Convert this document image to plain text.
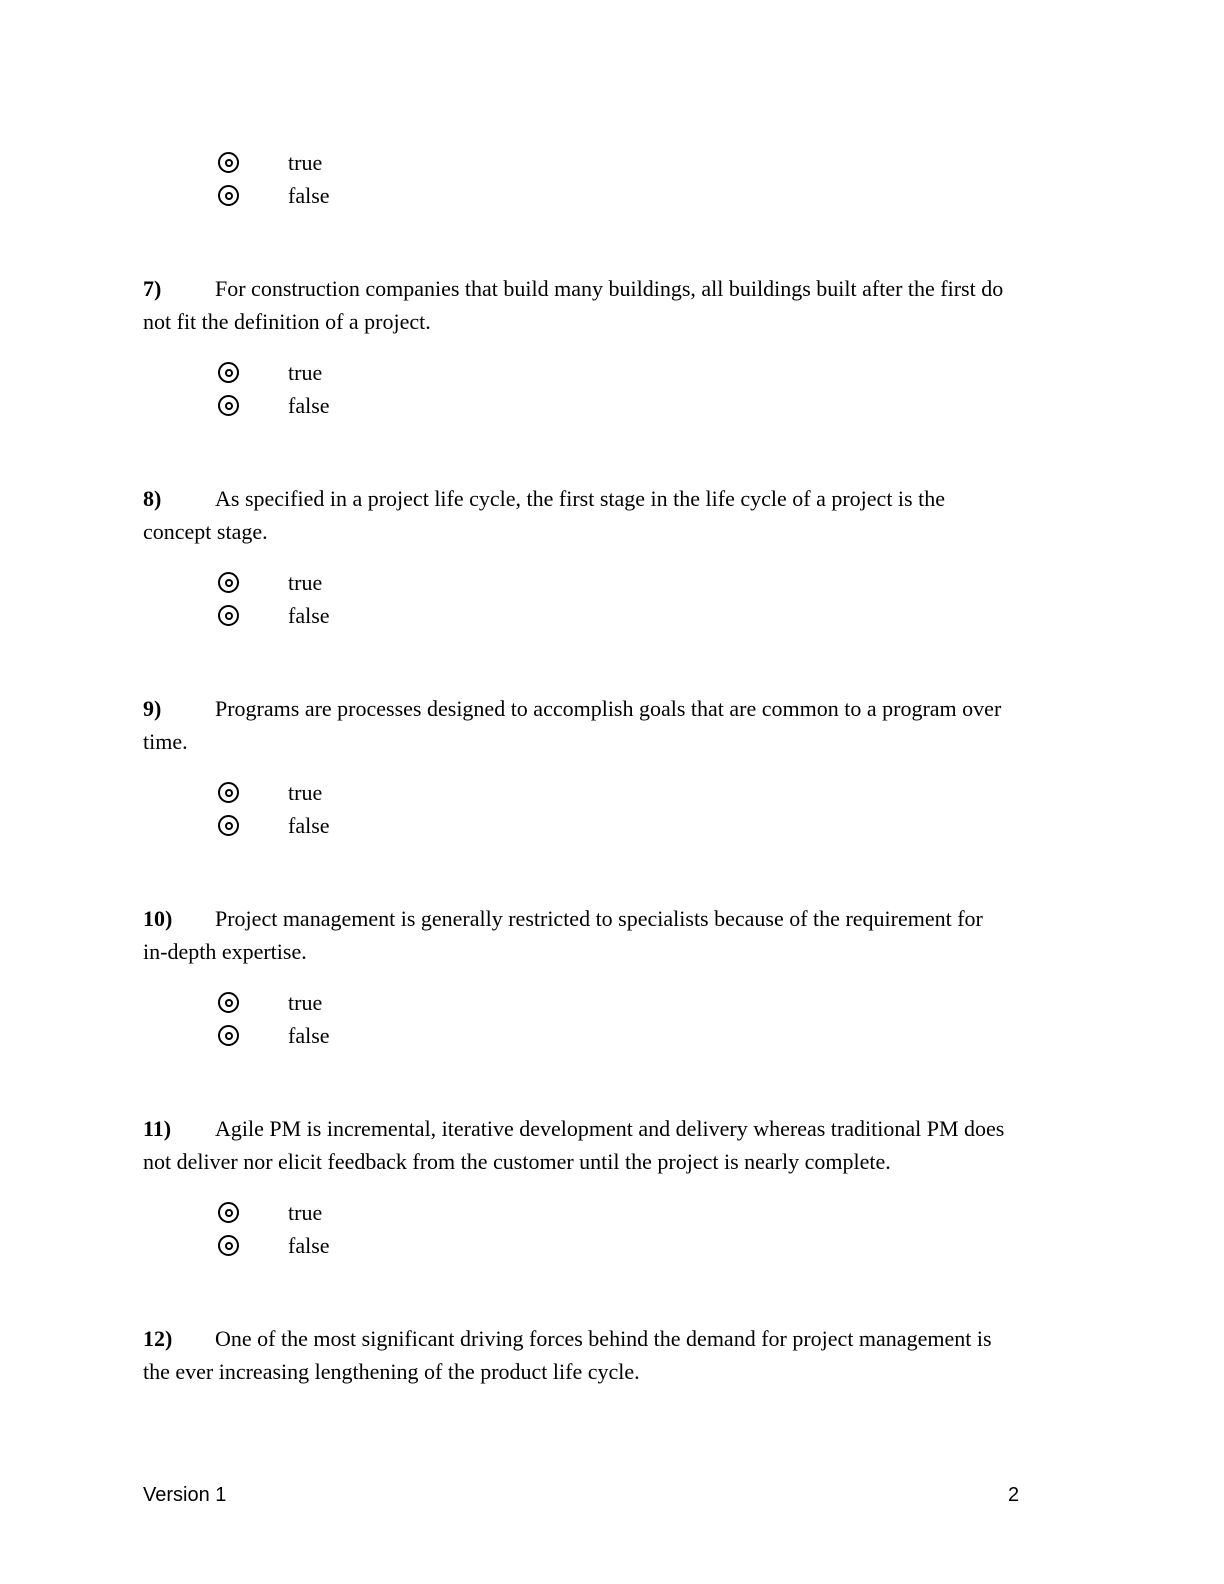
true
false

7)	For construction companies that build many buildings, all buildings built after the first do
not fit the definition of a project.

true
false

8)	As specified in a project life cycle, the first stage in the life cycle of a project is the
concept stage.

true
false

9)	Programs are processes designed to accomplish goals that are common to a program over
time.

true
false

10)	Project management is generally restricted to specialists because of the requirement for
in-depth expertise.

true
false

11)	Agile PM is incremental, iterative development and delivery whereas traditional PM does
not deliver nor elicit feedback from the customer until the project is nearly complete.

true
false

12)	One of the most significant driving forces behind the demand for project management is
the ever increasing lengthening of the product life cycle.

Version 1	2
